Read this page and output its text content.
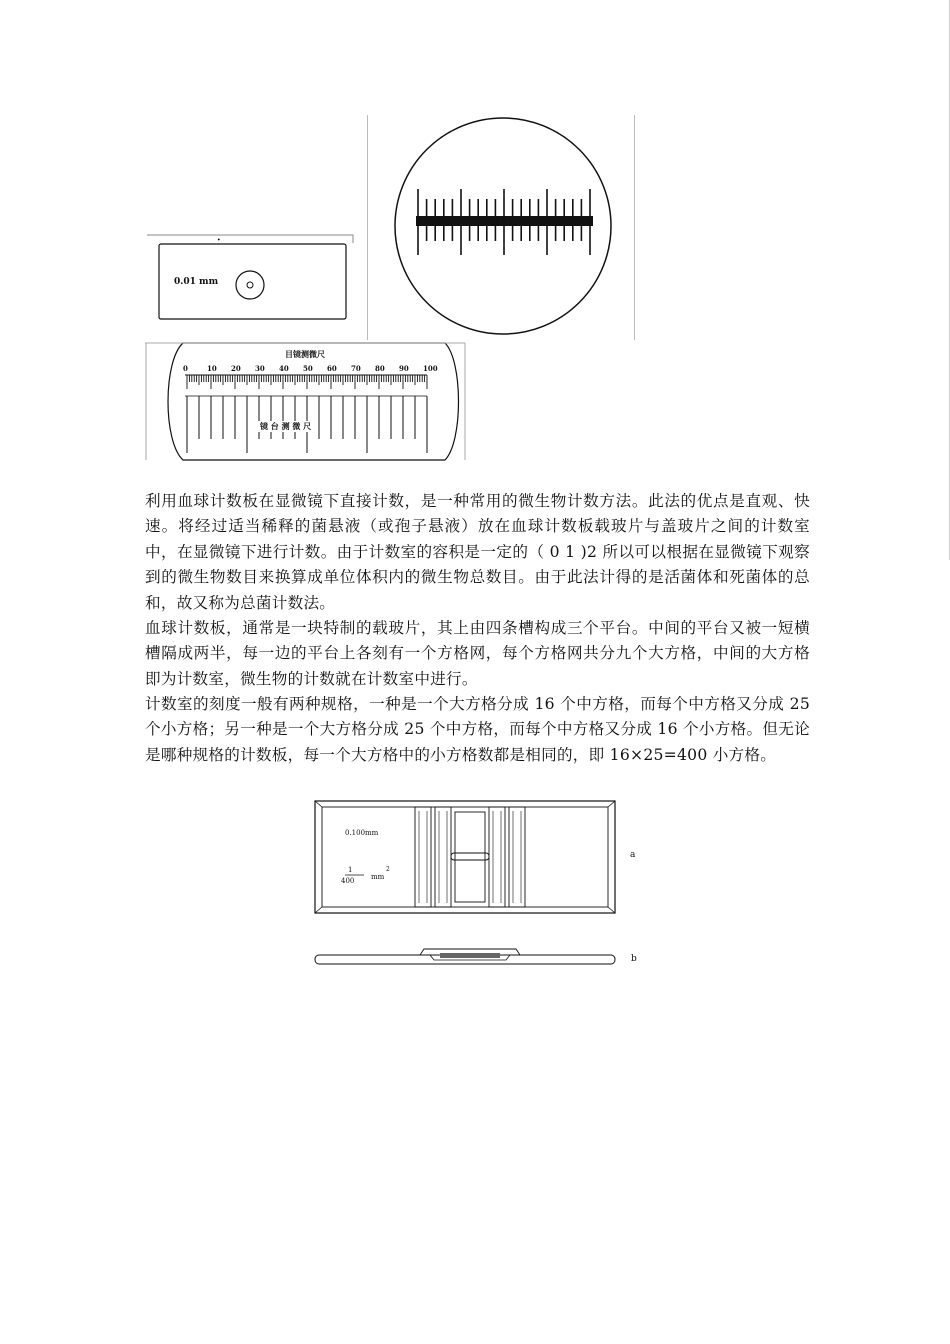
•
0.01 mm
目镜测微尺
0	10 20 30 40 50 60 70 80 90 100
镜 台 测 微 尺
利用血球计数板在显微镜下直接计数，是一种常用的微生物计数方法。此法的优点是直观、快速。将经过适当稀释的菌悬液（或孢子悬液）放在血球计数板载玻片与盖玻片之间的计数室中，在显微镜下进行计数。由于计数室的容积是一定的（ 0 1 )2 所以可以根据在显微镜下观察到的微生物数目来换算成单位体积内的微生物总数目。由于此法计得的是活菌体和死菌体的总和，故又称为总菌计数法。
血球计数板，通常是一块特制的载玻片，其上由四条槽构成三个平台。中间的平台又被一短横槽隔成两半，每一边的平台上各刻有一个方格网，每个方格网共分九个大方格，中间的大方格即为计数室，微生物的计数就在计数室中进行。
计数室的刻度一般有两种规格，一种是一个大方格分成 16 个中方格，而每个中方格又分成 25 个小方格；另一种是一个大方格分成 25 个中方格，而每个中方格又分成 16 个小方格。但无论是哪种规格的计数板，每一个大方格中的小方格数都是相同的，即 16×25=400 小方格。
0.100mm
1
400 mm
2
a
b
